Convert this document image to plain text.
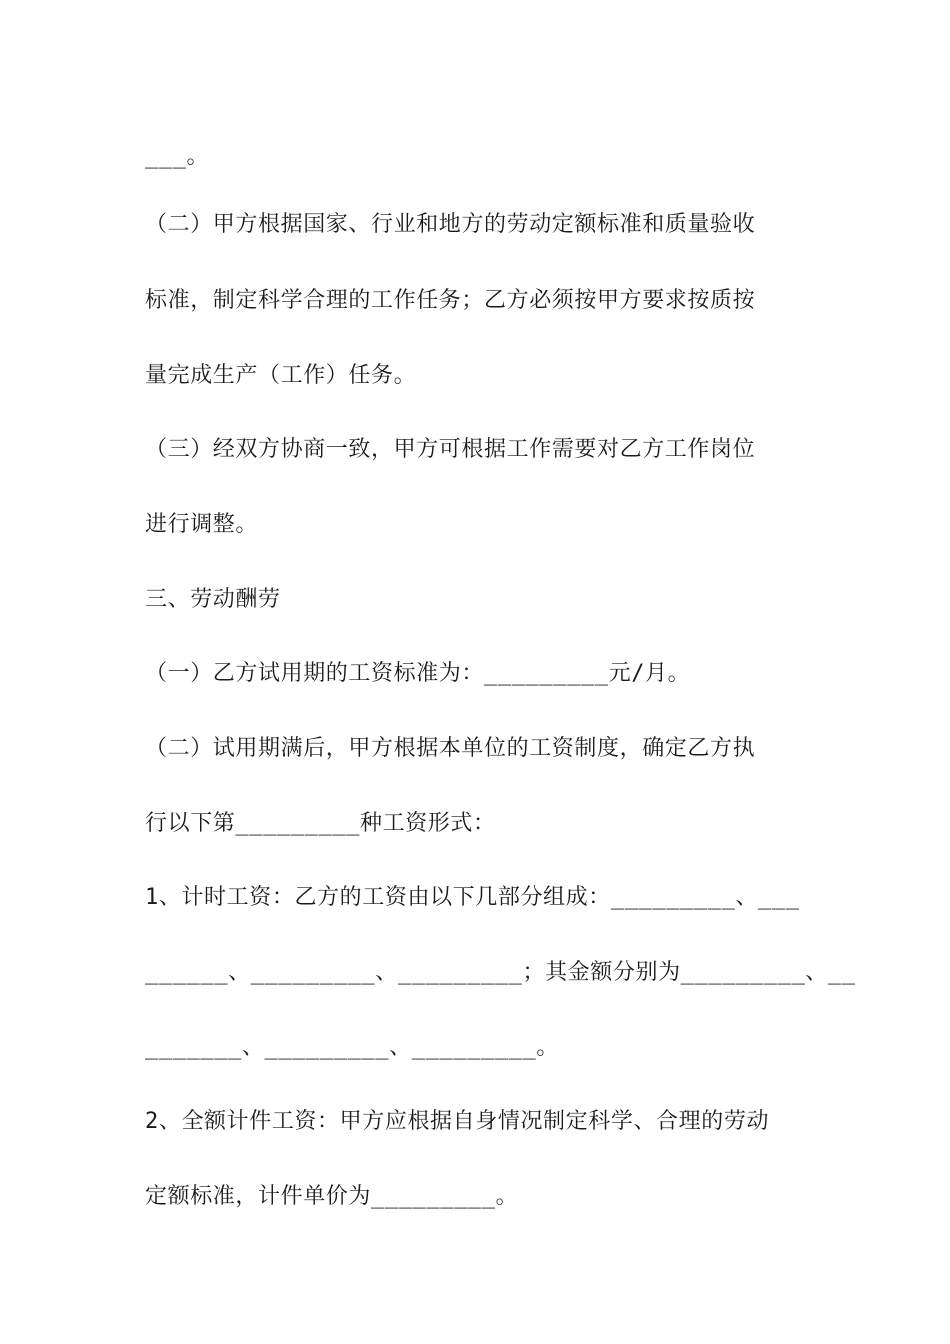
___。
（二）甲方根据国家、行业和地方的劳动定额标准和质量验收
标准，制定科学合理的工作任务；乙方必须按甲方要求按质按
量完成生产（工作）任务。
（三）经双方协商一致，甲方可根据工作需要对乙方工作岗位
进行调整。
三、劳动酬劳
（一）乙方试用期的工资标准为：_________元/月。
（二）试用期满后，甲方根据本单位的工资制度，确定乙方执
行以下第_________种工资形式：
1、计时工资：乙方的工资由以下几部分组成：_________、___
______、_________、_________；其金额分别为_________、__
_______、_________、_________。
2、全额计件工资：甲方应根据自身情况制定科学、合理的劳动
定额标准，计件单价为_________。
